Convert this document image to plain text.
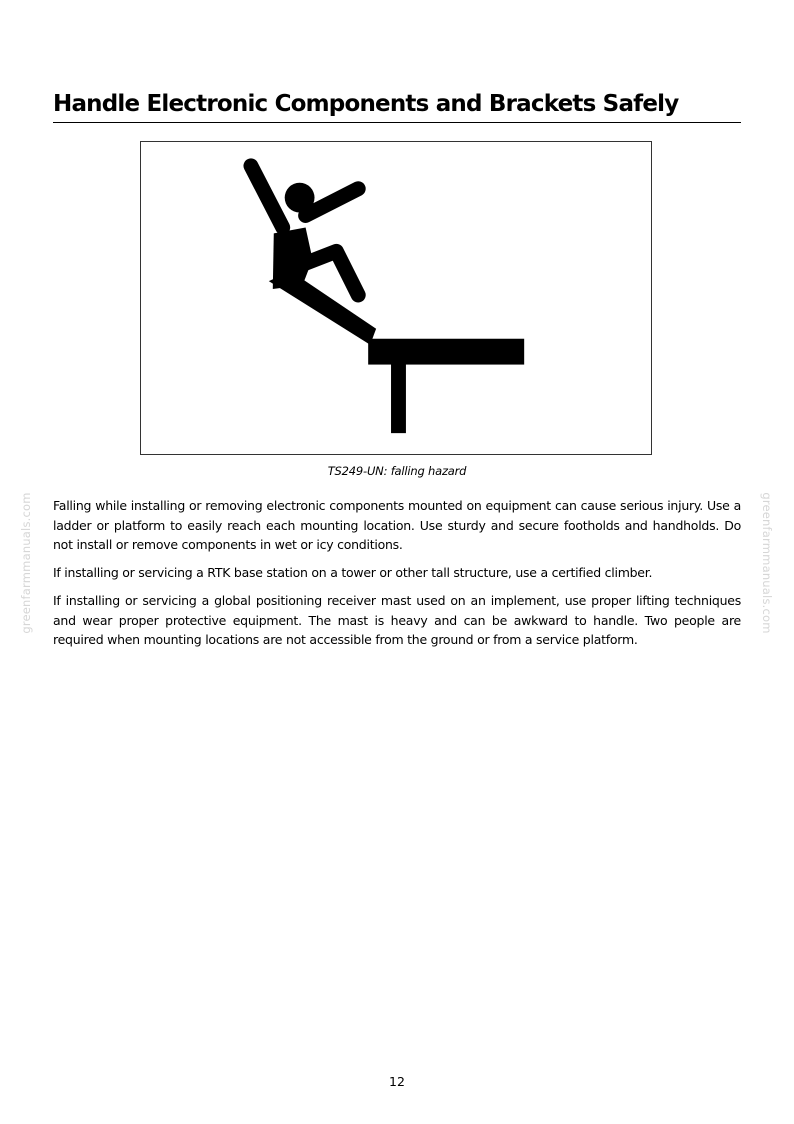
Handle Electronic Components and Brackets Safely
TS249-UN: falling hazard

Falling while installing or removing electronic components mounted on equipment can cause serious injury. Use a ladder or platform to easily reach each mounting location. Use sturdy and secure footholds and handholds. Do not install or remove components in wet or icy conditions.

If installing or servicing a RTK base station on a tower or other tall structure, use a certified climber.

If installing or servicing a global positioning receiver mast used on an implement, use proper lifting techniques and wear proper protective equipment. The mast is heavy and can be awkward to handle. Two people are required when mounting locations are not accessible from the ground or from a service platform.

greenfarmmanuals.com	greenfarmmanuals.com
12
